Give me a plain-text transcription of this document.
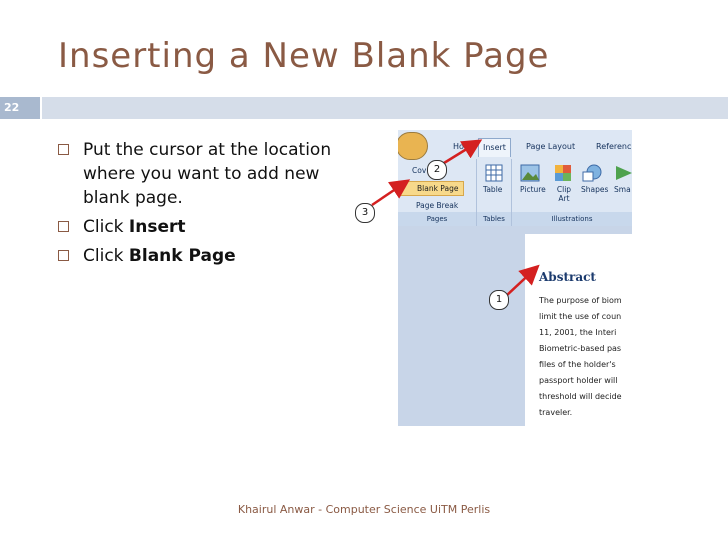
Inserting a New Blank Page
22
Put the cursor at the location where you want to add new blank page.
Click Insert
Click Blank Page
Home Insert	Page Layout	Referenc
Cov
Blank Page
Page Break
Pages
Table
Tables
Picture Clip Art
Shapes Sma
Illustrations
Abstract
The purpose of biom
limit the use of coun
11, 2001, the Interi
Biometric-based pas
files of the holder's
passport holder will
threshold will decide
traveler.
1
2
3
Khairul Anwar - Computer Science UiTM Perlis
